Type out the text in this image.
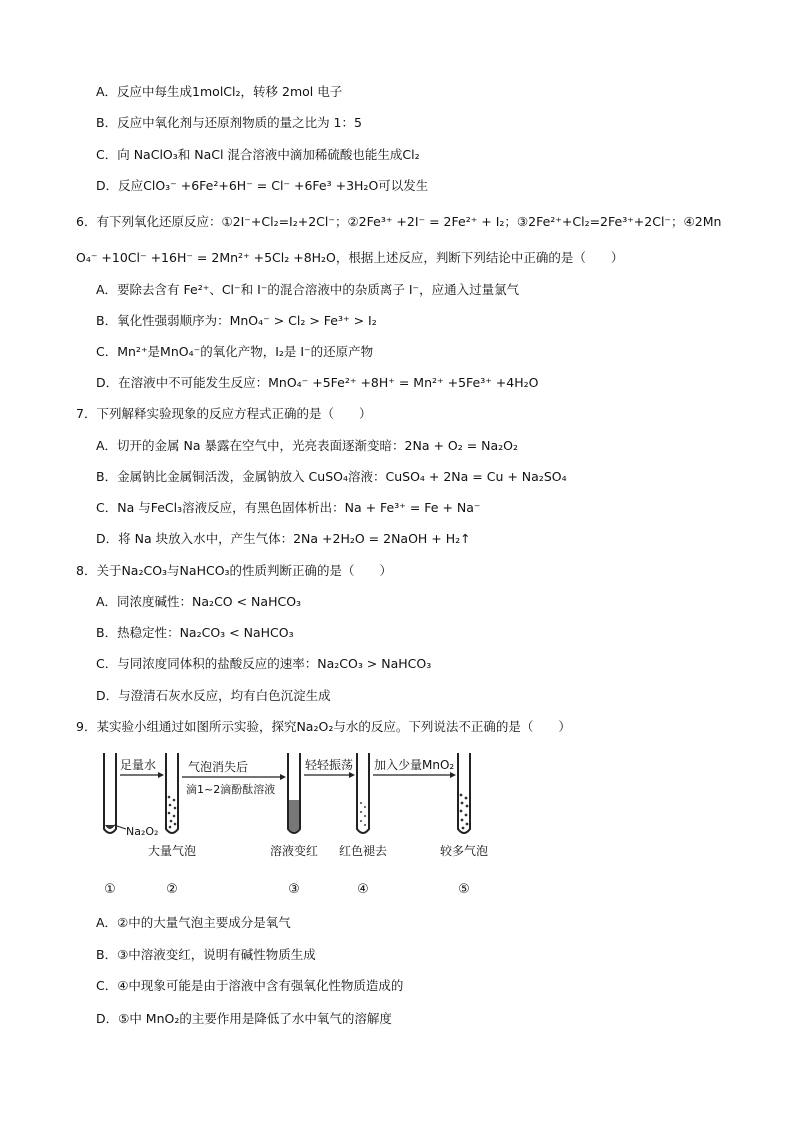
A．反应中每生成1molCl₂，转移 2mol 电子
B．反应中氧化剂与还原剂物质的量之比为 1：5
C．向 NaClO₃和 NaCl 混合溶液中滴加稀硫酸也能生成Cl₂
D．反应ClO₃⁻ +6Fe²+6H⁻ = Cl⁻ +6Fe³ +3H₂O可以发生
6．有下列氧化还原反应：①2I⁻+Cl₂=I₂+2Cl⁻；②2Fe³⁺ +2I⁻ = 2Fe²⁺ + I₂；③2Fe²⁺+Cl₂=2Fe³⁺+2Cl⁻；④2Mn
O₄⁻ +10Cl⁻ +16H⁻ = 2Mn²⁺ +5Cl₂ +8H₂O，根据上述反应，判断下列结论中正确的是（　　）
A．要除去含有 Fe²⁺、Cl⁻和 I⁻的混合溶液中的杂质离子 I⁻，应通入过量氯气
B．氧化性强弱顺序为：MnO₄⁻ > Cl₂ > Fe³⁺ > I₂
C．Mn²⁺是MnO₄⁻的氧化产物，I₂是 I⁻的还原产物
D．在溶液中不可能发生反应：MnO₄⁻ +5Fe²⁺ +8H⁺ = Mn²⁺ +5Fe³⁺ +4H₂O
7．下列解释实验现象的反应方程式正确的是（　　）
A．切开的金属 Na 暴露在空气中，光亮表面逐渐变暗：2Na + O₂ = Na₂O₂
B．金属钠比金属铜活泼，金属钠放入 CuSO₄溶液：CuSO₄ + 2Na = Cu + Na₂SO₄
C．Na 与FeCl₃溶液反应，有黑色固体析出：Na + Fe³⁺ = Fe + Na⁻
D．将 Na 块放入水中，产生气体：2Na +2H₂O = 2NaOH + H₂↑
8．关于Na₂CO₃与NaHCO₃的性质判断正确的是（　　）
A．同浓度碱性：Na₂CO < NaHCO₃
B．热稳定性：Na₂CO₃ < NaHCO₃
C．与同浓度同体积的盐酸反应的速率：Na₂CO₃ > NaHCO₃
D．与澄清石灰水反应，均有白色沉淀生成
9．某实验小组通过如图所示实验，探究Na₂O₂与水的反应。下列说法不正确的是（　　）
A．②中的大量气泡主要成分是氧气
B．③中溶液变红，说明有碱性物质生成
C．④中现象可能是由于溶液中含有强氧化性物质造成的
D．⑤中 MnO₂的主要作用是降低了水中氧气的溶解度
足量水	气泡消失后
滴1~2滴酚酞溶液
轻轻振荡 加入少量MnO₂
Na₂O₂
大量气泡	溶液变红 红色褪去	较多气泡
①	②	③	④	⑤
